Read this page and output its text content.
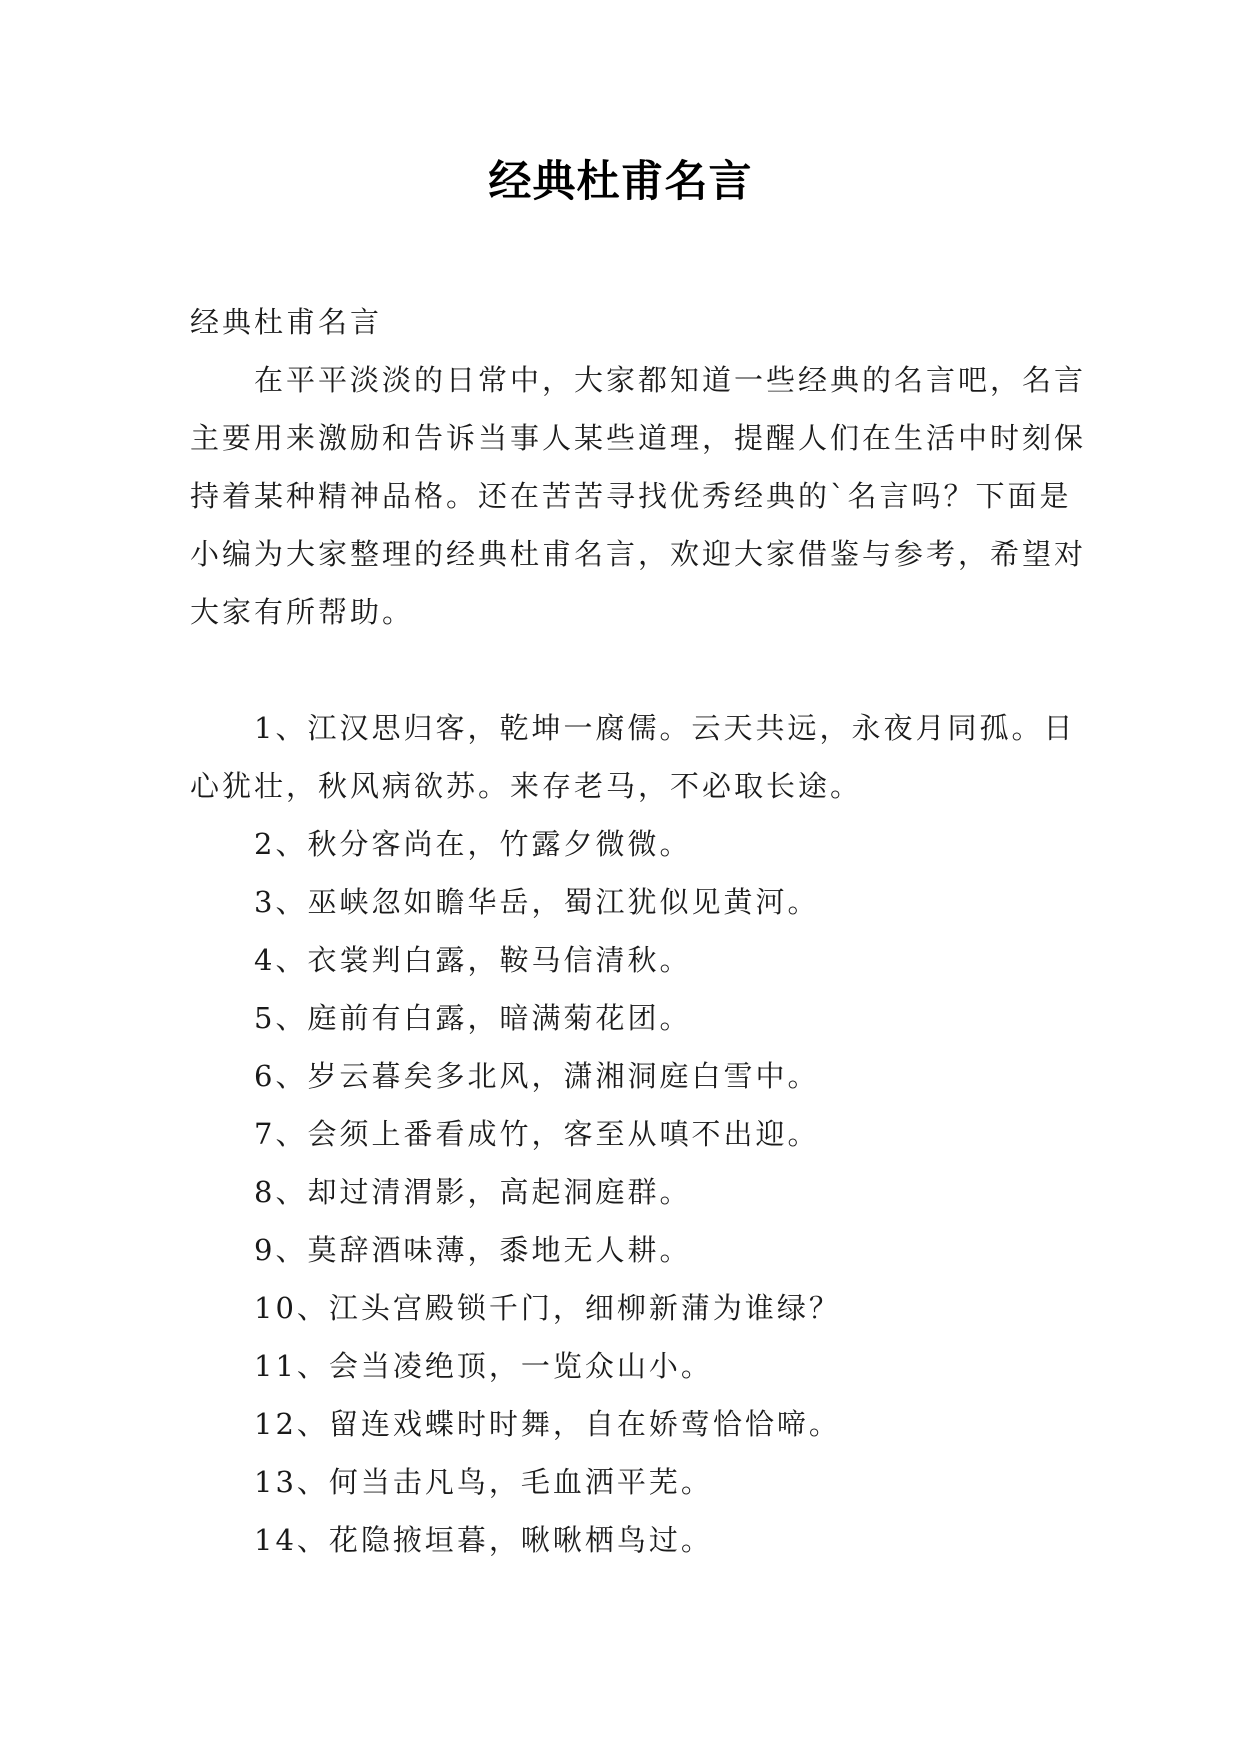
经典杜甫名言

经典杜甫名言

在平平淡淡的日常中，大家都知道一些经典的名言吧，名言主要用来激励和告诉当事人某些道理，提醒人们在生活中时刻保持着某种精神品格。还在苦苦寻找优秀经典的`名言吗？下面是小编为大家整理的经典杜甫名言，欢迎大家借鉴与参考，希望对大家有所帮助。

1、江汉思归客，乾坤一腐儒。云天共远，永夜月同孤。日心犹壮，秋风病欲苏。来存老马，不必取长途。
2、秋分客尚在，竹露夕微微。
3、巫峡忽如瞻华岳，蜀江犹似见黄河。
4、衣裳判白露，鞍马信清秋。
5、庭前有白露，暗满菊花团。
6、岁云暮矣多北风，潇湘洞庭白雪中。
7、会须上番看成竹，客至从嗔不出迎。
8、却过清渭影，高起洞庭群。
9、莫辞酒味薄，黍地无人耕。
10、江头宫殿锁千门，细柳新蒲为谁绿？
11、会当凌绝顶，一览众山小。
12、留连戏蝶时时舞，自在娇莺恰恰啼。
13、何当击凡鸟，毛血洒平芜。
14、花隐掖垣暮，啾啾栖鸟过。
